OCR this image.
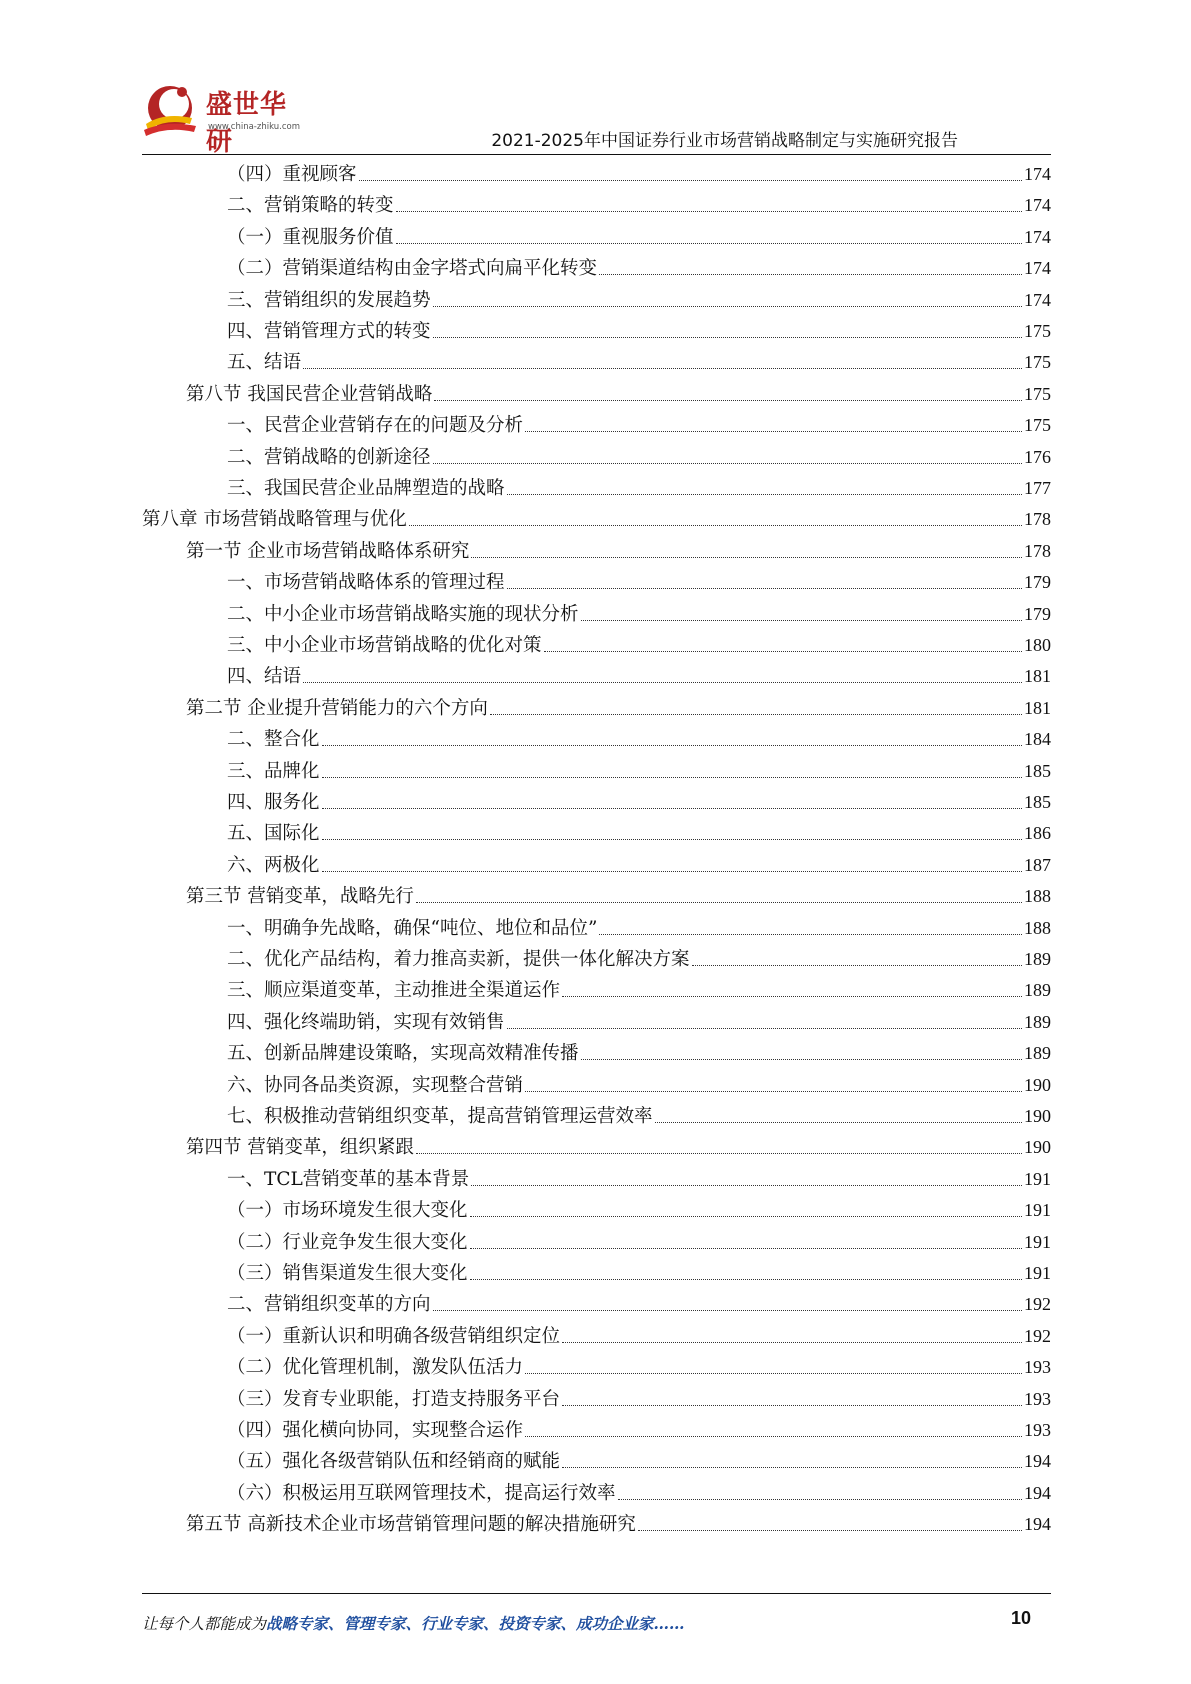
盛世华研
www.china-zhiku.com
2021-2025年中国证券行业市场营销战略制定与实施研究报告
（四）重视顾客	174
二、营销策略的转变	174
（一）重视服务价值	174
（二）营销渠道结构由金字塔式向扁平化转变	174
三、营销组织的发展趋势	174
四、营销管理方式的转变	175
五、结语	175
第八节 我国民营企业营销战略	175
一、民营企业营销存在的问题及分析	175
二、营销战略的创新途径	176
三、我国民营企业品牌塑造的战略	177
第八章 市场营销战略管理与优化	178
第一节 企业市场营销战略体系研究	178
一、市场营销战略体系的管理过程	179
二、中小企业市场营销战略实施的现状分析	179
三、中小企业市场营销战略的优化对策	180
四、结语	181
第二节 企业提升营销能力的六个方向	181
二、整合化	184
三、品牌化	185
四、服务化	185
五、国际化	186
六、两极化	187
第三节 营销变革，战略先行	188
一、明确争先战略，确保“吨位、地位和品位”	188
二、优化产品结构，着力推高卖新，提供一体化解决方案	189
三、顺应渠道变革，主动推进全渠道运作	189
四、强化终端助销，实现有效销售	189
五、创新品牌建设策略，实现高效精准传播	189
六、协同各品类资源，实现整合营销	190
七、积极推动营销组织变革，提高营销管理运营效率	190
第四节 营销变革，组织紧跟	190
一、TCL营销变革的基本背景	191
（一）市场环境发生很大变化	191
（二）行业竞争发生很大变化	191
（三）销售渠道发生很大变化	191
二、营销组织变革的方向	192
（一）重新认识和明确各级营销组织定位	192
（二）优化管理机制，激发队伍活力	193
（三）发育专业职能，打造支持服务平台	193
（四）强化横向协同，实现整合运作	193
（五）强化各级营销队伍和经销商的赋能	194
（六）积极运用互联网管理技术，提高运行效率	194
第五节 高新技术企业市场营销管理问题的解决措施研究	194
让每个人都能成为战略专家、管理专家、行业专家、投资专家、成功企业家……	10
